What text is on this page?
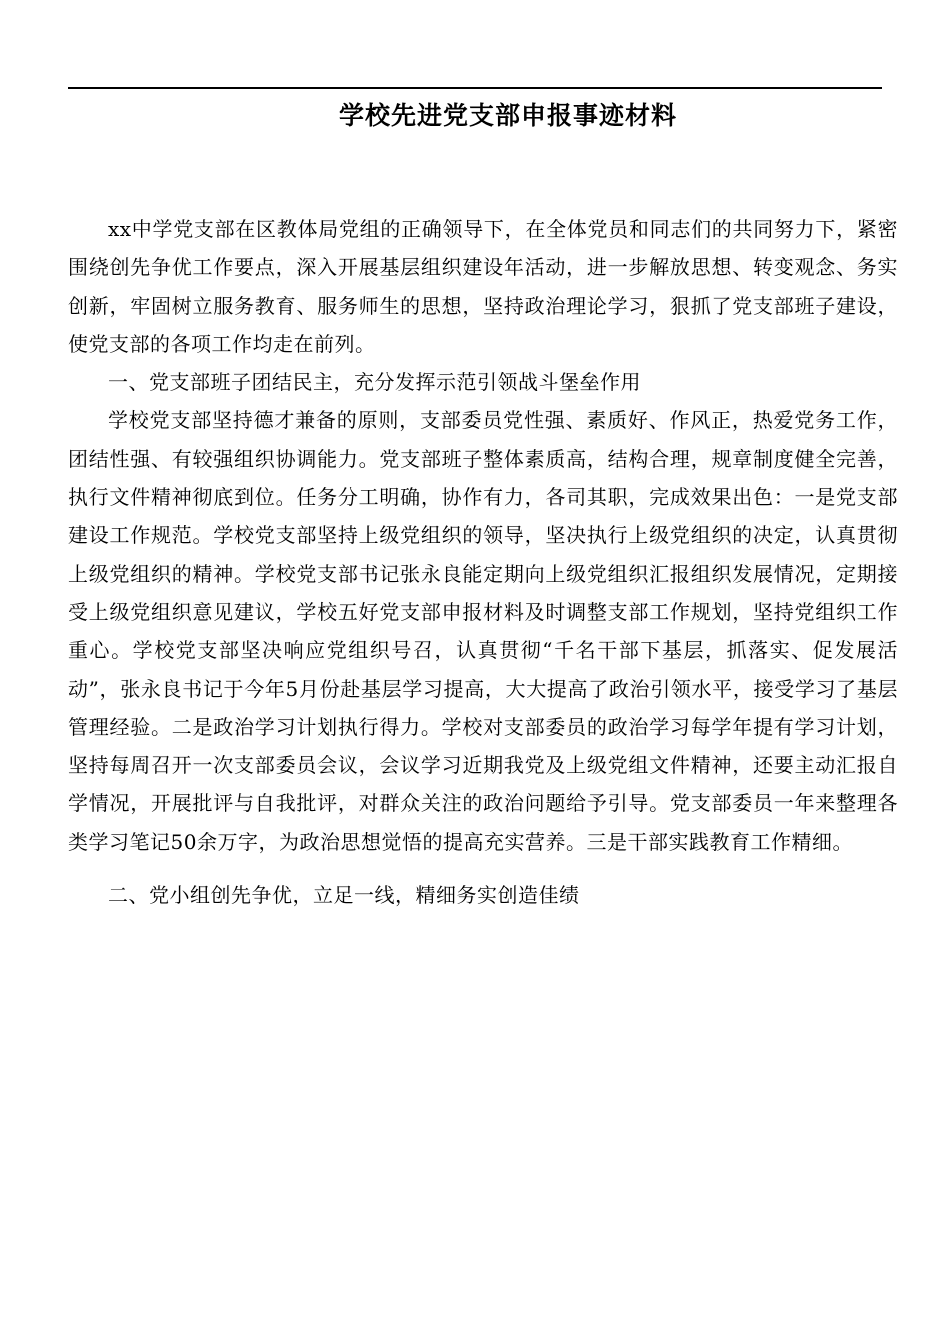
学校先进党支部申报事迹材料

xx中学党支部在区教体局党组的正确领导下，在全体党员和同志们的共同努力下，紧密围绕创先争优工作要点，深入开展基层组织建设年活动，进一步解放思想、转变观念、务实创新，牢固树立服务教育、服务师生的思想，坚持政治理论学习，狠抓了党支部班子建设，使党支部的各项工作均走在前列。

一、党支部班子团结民主，充分发挥示范引领战斗堡垒作用

学校党支部坚持德才兼备的原则，支部委员党性强、素质好、作风正，热爱党务工作，团结性强、有较强组织协调能力。党支部班子整体素质高，结构合理，规章制度健全完善，执行文件精神彻底到位。任务分工明确，协作有力，各司其职，完成效果出色：一是党支部建设工作规范。学校党支部坚持上级党组织的领导，坚决执行上级党组织的决定，认真贯彻上级党组织的精神。学校党支部书记张永良能定期向上级党组织汇报组织发展情况，定期接受上级党组织意见建议，学校五好党支部申报材料及时调整支部工作规划，坚持党组织工作重心。学校党支部坚决响应党组织号召，认真贯彻“千名干部下基层，抓落实、促发展活动”，张永良书记于今年5月份赴基层学习提高，大大提高了政治引领水平，接受学习了基层管理经验。二是政治学习计划执行得力。学校对支部委员的政治学习每学年提有学习计划，坚持每周召开一次支部委员会议，会议学习近期我党及上级党组文件精神，还要主动汇报自学情况，开展批评与自我批评，对群众关注的政治问题给予引导。党支部委员一年来整理各类学习笔记50余万字，为政治思想觉悟的提高充实营养。三是干部实践教育工作精细。

二、党小组创先争优，立足一线，精细务实创造佳绩
